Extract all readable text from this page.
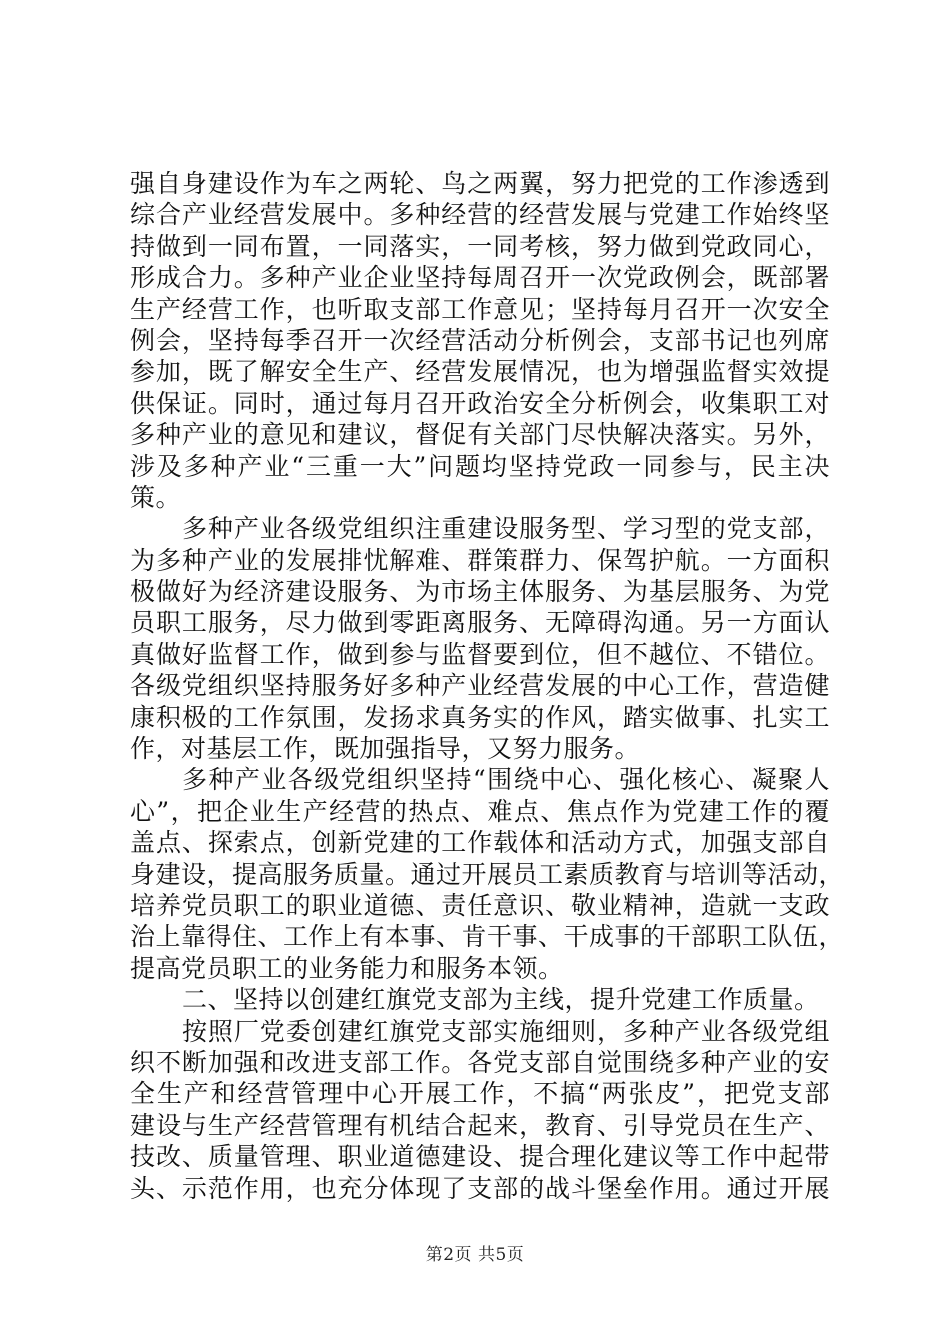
强自身建设作为车之两轮、鸟之两翼，努力把党的工作渗透到
综合产业经营发展中。多种经营的经营发展与党建工作始终坚
持做到一同布置，一同落实，一同考核，努力做到党政同心，
形成合力。多种产业企业坚持每周召开一次党政例会，既部署
生产经营工作，也听取支部工作意见；坚持每月召开一次安全
例会，坚持每季召开一次经营活动分析例会，支部书记也列席
参加，既了解安全生产、经营发展情况，也为增强监督实效提
供保证。同时，通过每月召开政治安全分析例会，收集职工对
多种产业的意见和建议，督促有关部门尽快解决落实。另外，
涉及多种产业“三重一大”问题均坚持党政一同参与，民主决
策。
多种产业各级党组织注重建设服务型、学习型的党支部，
为多种产业的发展排忧解难、群策群力、保驾护航。一方面积
极做好为经济建设服务、为市场主体服务、为基层服务、为党
员职工服务，尽力做到零距离服务、无障碍沟通。另一方面认
真做好监督工作，做到参与监督要到位，但不越位、不错位。
各级党组织坚持服务好多种产业经营发展的中心工作，营造健
康积极的工作氛围，发扬求真务实的作风，踏实做事、扎实工
作，对基层工作，既加强指导，又努力服务。
多种产业各级党组织坚持“围绕中心、强化核心、凝聚人
心”，把企业生产经营的热点、难点、焦点作为党建工作的覆
盖点、探索点，创新党建的工作载体和活动方式，加强支部自
身建设，提高服务质量。通过开展员工素质教育与培训等活动，
培养党员职工的职业道德、责任意识、敬业精神，造就一支政
治上靠得住、工作上有本事、肯干事、干成事的干部职工队伍，
提高党员职工的业务能力和服务本领。
二、坚持以创建红旗党支部为主线，提升党建工作质量。
按照厂党委创建红旗党支部实施细则，多种产业各级党组
织不断加强和改进支部工作。各党支部自觉围绕多种产业的安
全生产和经营管理中心开展工作，不搞“两张皮”，把党支部
建设与生产经营管理有机结合起来，教育、引导党员在生产、
技改、质量管理、职业道德建设、提合理化建议等工作中起带
头、示范作用，也充分体现了支部的战斗堡垒作用。通过开展
第2页 共5页
